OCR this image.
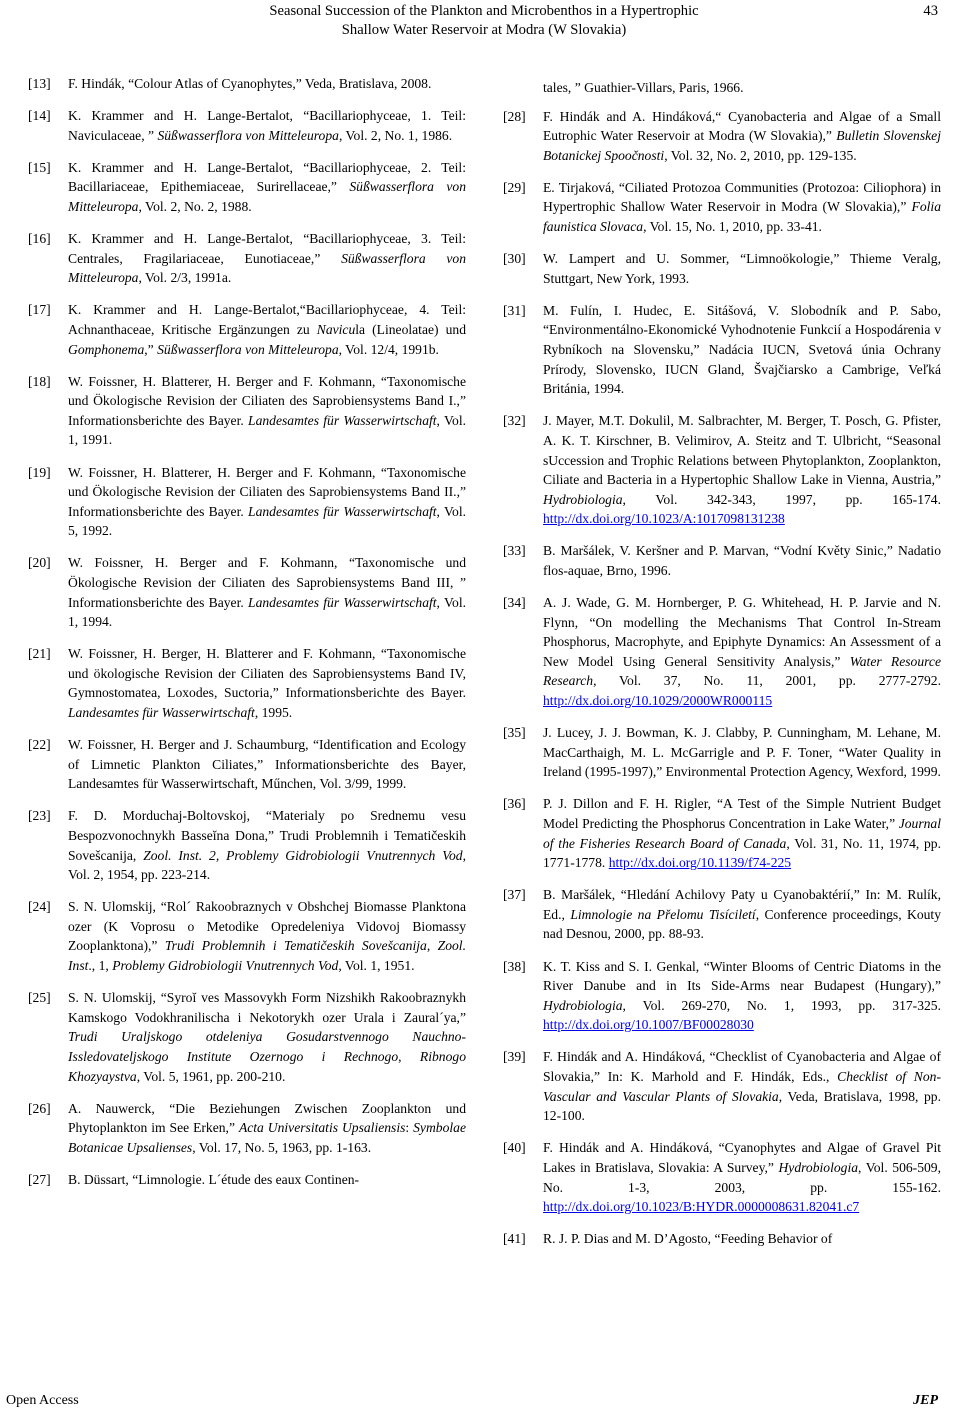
Seasonal Succession of the Plankton and Microbenthos in a Hypertrophic
Shallow Water Reservoir at Modra (W Slovakia)
43
[13] F. Hindák, “Colour Atlas of Cyanophytes,” Veda, Bratislava, 2008.
[14] K. Krammer and H. Lange-Bertalot, “Bacillariophyceae, 1. Teil: Naviculaceae, ” Süßwasserflora von Mitteleuropa, Vol. 2, No. 1, 1986.
[15] K. Krammer and H. Lange-Bertalot, “Bacillariophyceae, 2. Teil: Bacillariaceae, Epithemiaceae, Surirellaceae,” Süßwasserflora von Mitteleuropa, Vol. 2, No. 2, 1988.
[16] K. Krammer and H. Lange-Bertalot, “Bacillariophyceae, 3. Teil: Centrales, Fragilariaceae, Eunotiaceae,” Süßwasserflora von Mitteleuropa, Vol. 2/3, 1991a.
[17] K. Krammer and H. Lange-Bertalot,“Bacillariophyceae, 4. Teil: Achnanthaceae, Kritische Ergänzungen zu Navicula (Lineolatae) und Gomphonema,” Süßwasserflora von Mitteleuropa, Vol. 12/4, 1991b.
[18] W. Foissner, H. Blatterer, H. Berger and F. Kohmann, “Taxonomische und Ökologische Revision der Ciliaten des Saprobiensystems Band I.,” Informationsberichte des Bayer. Landesamtes für Wasserwirtschaft, Vol. 1, 1991.
[19] W. Foissner, H. Blatterer, H. Berger and F. Kohmann, “Taxonomische und Ökologische Revision der Ciliaten des Saprobiensystems Band II.,” Informationsberichte des Bayer. Landesamtes für Wasserwirtschaft, Vol. 5, 1992.
[20] W. Foissner, H. Berger and F. Kohmann, “Taxonomische und Ökologische Revision der Ciliaten des Saprobiensystems Band III, ” Informationsberichte des Bayer. Landesamtes für Wasserwirtschaft, Vol. 1, 1994.
[21] W. Foissner, H. Berger, H. Blatterer and F. Kohmann, “Taxonomische und ökologische Revision der Ciliaten des Saprobiensystems Band IV, Gymnostomatea, Loxodes, Suctoria,” Informationsberichte des Bayer. Landesamtes für Wasserwirtschaft, 1995.
[22] W. Foissner, H. Berger and J. Schaumburg, “Identification and Ecology of Limnetic Plankton Ciliates,” Informationsberichte des Bayer, Landesamtes für Wasserwirtschaft, Műnchen, Vol. 3/99, 1999.
[23] F. D. Morduchaj-Boltovskoj, “Materialy po Srednemu vesu Bespozvonochnykh Basseĭna Dona,” Trudi Problemnih i Tematičeskih Sovešcanija, Zool. Inst. 2, Problemy Gidrobiologii Vnutrennych Vod, Vol. 2, 1954, pp. 223-214.
[24] S. N. Ulomskij, “Rol´ Rakoobraznych v Obshchej Biomasse Planktona ozer (K Voprosu o Metodike Opredeleniya Vidovoj Biomassy Zooplanktona),” Trudi Problemnih i Tematičeskih Sovešcanija, Zool. Inst., 1, Problemy Gidrobiologii Vnutrennych Vod, Vol. 1, 1951.
[25] S. N. Ulomskij, “Syroĭ ves Massovykh Form Nizshikh Rakoobraznykh Kamskogo Vodokhranilischa i Nekotorykh ozer Urala i Zaural´ya,” Trudi Uraljskogo otdeleniya Gosudarstvennogo Nauchno-Issledovateljskogo Institute Ozernogo i Rechnogo, Ribnogo Khozyaystva, Vol. 5, 1961, pp. 200-210.
[26] A. Nauwerck, “Die Beziehungen Zwischen Zooplankton und Phytoplankton im See Erken,” Acta Universitatis Upsaliensis: Symbolae Botanicae Upsalienses, Vol. 17, No. 5, 1963, pp. 1-163.
[27] B. Düssart, “Limnologie. L´étude des eaux Continen-
tales, ” Guathier-Villars, Paris, 1966.
[28] F. Hindák and A. Hindáková,“ Cyanobacteria and Algae of a Small Eutrophic Water Reservoir at Modra (W Slovakia),” Bulletin Slovenskej Botanickej Spoočnosti, Vol. 32, No. 2, 2010, pp. 129-135.
[29] E. Tirjaková, “Ciliated Protozoa Communities (Protozoa: Ciliophora) in Hypertrophic Shallow Water Reservoir in Modra (W Slovakia),” Folia faunistica Slovaca, Vol. 15, No. 1, 2010, pp. 33-41.
[30] W. Lampert and U. Sommer, “Limnoökologie,” Thieme Veralg, Stuttgart, New York, 1993.
[31] M. Fulín, I. Hudec, E. Sitášová, V. Slobodník and P. Sabo, “Environmentálno-Ekonomické Vyhodnotenie Funkcií a Hospodárenia v Rybníkoch na Slovensku,” Nadácia IUCN, Svetová únia Ochrany Prírody, Slovensko, IUCN Gland, Švajčiarsko a Cambrige, Veľká Británia, 1994.
[32] J. Mayer, M.T. Dokulil, M. Salbrachter, M. Berger, T. Posch, G. Pfister, A. K. T. Kirschner, B. Velimirov, A. Steitz and T. Ulbricht, “Seasonal sUccession and Trophic Relations between Phytoplankton, Zooplankton, Ciliate and Bacteria in a Hypertophic Shallow Lake in Vienna, Austria,” Hydrobiologia, Vol. 342-343, 1997, pp. 165-174. http://dx.doi.org/10.1023/A:1017098131238
[33] B. Maršálek, V. Keršner and P. Marvan, “Vodní Květy Sinic,” Nadatio flos-aquae, Brno, 1996.
[34] A. J. Wade, G. M. Hornberger, P. G. Whitehead, H. P. Jarvie and N. Flynn, “On modelling the Mechanisms That Control In-Stream Phosphorus, Macrophyte, and Epiphyte Dynamics: An Assessment of a New Model Using General Sensitivity Analysis,” Water Resource Research, Vol. 37, No. 11, 2001, pp. 2777-2792. http://dx.doi.org/10.1029/2000WR000115
[35] J. Lucey, J. J. Bowman, K. J. Clabby, P. Cunningham, M. Lehane, M. MacCarthaigh, M. L. McGarrigle and P. F. Toner, “Water Quality in Ireland (1995-1997),” Environmental Protection Agency, Wexford, 1999.
[36] P. J. Dillon and F. H. Rigler, “A Test of the Simple Nutrient Budget Model Predicting the Phosphorus Concentration in Lake Water,” Journal of the Fisheries Research Board of Canada, Vol. 31, No. 11, 1974, pp. 1771-1778. http://dx.doi.org/10.1139/f74-225
[37] B. Maršálek, “Hledání Achilovy Paty u Cyanobaktérií,” In: M. Rulík, Ed., Limnologie na Přelomu Tisíciletí, Conference proceedings, Kouty nad Desnou, 2000, pp. 88-93.
[38] K. T. Kiss and S. I. Genkal, “Winter Blooms of Centric Diatoms in the River Danube and in Its Side-Arms near Budapest (Hungary),” Hydrobiologia, Vol. 269-270, No. 1, 1993, pp. 317-325. http://dx.doi.org/10.1007/BF00028030
[39] F. Hindák and A. Hindáková, “Checklist of Cyanobacteria and Algae of Slovakia,” In: K. Marhold and F. Hindák, Eds., Checklist of Non-Vascular and Vascular Plants of Slovakia, Veda, Bratislava, 1998, pp. 12-100.
[40] F. Hindák and A. Hindáková, “Cyanophytes and Algae of Gravel Pit Lakes in Bratislava, Slovakia: A Survey,” Hydrobiologia, Vol. 506-509, No. 1-3, 2003, pp. 155-162. http://dx.doi.org/10.1023/B:HYDR.0000008631.82041.c7
[41] R. J. P. Dias and M. D’Agosto, “Feeding Behavior of
Open Access	JEP
